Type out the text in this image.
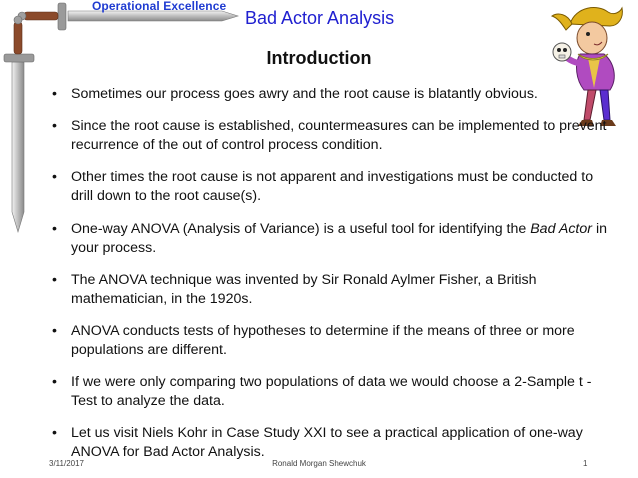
Operational Excellence
Bad Actor Analysis
Introduction
• Sometimes our process goes awry and the root cause is blatantly obvious.
• Since the root cause is established, countermeasures can be implemented to prevent recurrence of the out of control process condition.
• Other times the root cause is not apparent and investigations must be conducted to drill down to the root cause(s).
• One-way ANOVA (Analysis of Variance) is a useful tool for identifying the Bad Actor in your process.
• The ANOVA technique was invented by Sir Ronald Aylmer Fisher, a British mathematician, in the 1920s.
• ANOVA conducts tests of hypotheses to determine if the means of three or more populations are different.
• If we were only comparing two populations of data we would choose a 2-Sample t -Test to analyze the data.
• Let us visit Niels Kohr in Case Study XXI to see a practical application of one-way ANOVA for Bad Actor Analysis.
3/11/2017	Ronald Morgan Shewchuk	1
